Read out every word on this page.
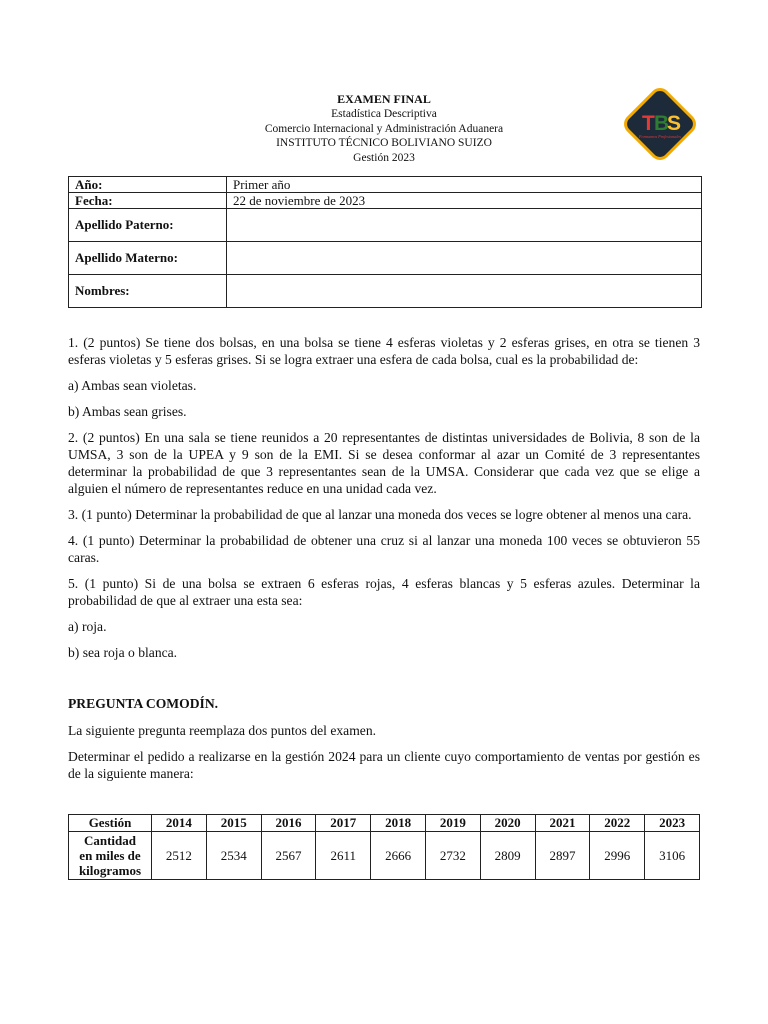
EXAMEN FINAL
Estadística Descriptiva
Comercio Internacional y Administración Aduanera
INSTITUTO TÉCNICO BOLIVIANO SUIZO
Gestión 2023
T B
S
Formamos Profesionales
Año:	Primer año
Fecha:	22 de noviembre de 2023
Apellido Paterno:	
Apellido Materno:	
Nombres:	

1. (2 puntos) Se tiene dos bolsas, en una bolsa se tiene 4 esferas violetas y 2 esferas grises, en otra se tienen 3 esferas violetas y 5 esferas grises. Si se logra extraer una esfera de cada bolsa, cual es la probabilidad de:

a) Ambas sean violetas.

b) Ambas sean grises.

2. (2 puntos) En una sala se tiene reunidos a 20 representantes de distintas universidades de Bolivia, 8 son de la UMSA, 3 son de la UPEA y 9 son de la EMI. Si se desea conformar al azar un Comité de 3 representantes determinar la probabilidad de que 3 representantes sean de la UMSA. Considerar que cada vez que se elige a alguien el número de representantes reduce en una unidad cada vez.

3. (1 punto) Determinar la probabilidad de que al lanzar una moneda dos veces se logre obtener al menos una cara.

4. (1 punto) Determinar la probabilidad de obtener una cruz si al lanzar una moneda 100 veces se obtuvieron 55 caras.

5. (1 punto) Si de una bolsa se extraen 6 esferas rojas, 4 esferas blancas y 5 esferas azules. Determinar la probabilidad de que al extraer una esta sea:

a) roja.

b) sea roja o blanca.

PREGUNTA COMODÍN.

La siguiente pregunta reemplaza dos puntos del examen.

Determinar el pedido a realizarse en la gestión 2024 para un cliente cuyo comportamiento de ventas por gestión es de la siguiente manera:

Gestión	2014	2015	2016	2017	2018	2019	2020	2021	2022	2023

Cantidad
en miles de
kilogramos	2512	2534	2567	2611	2666	2732	2809	2897	2996	3106
